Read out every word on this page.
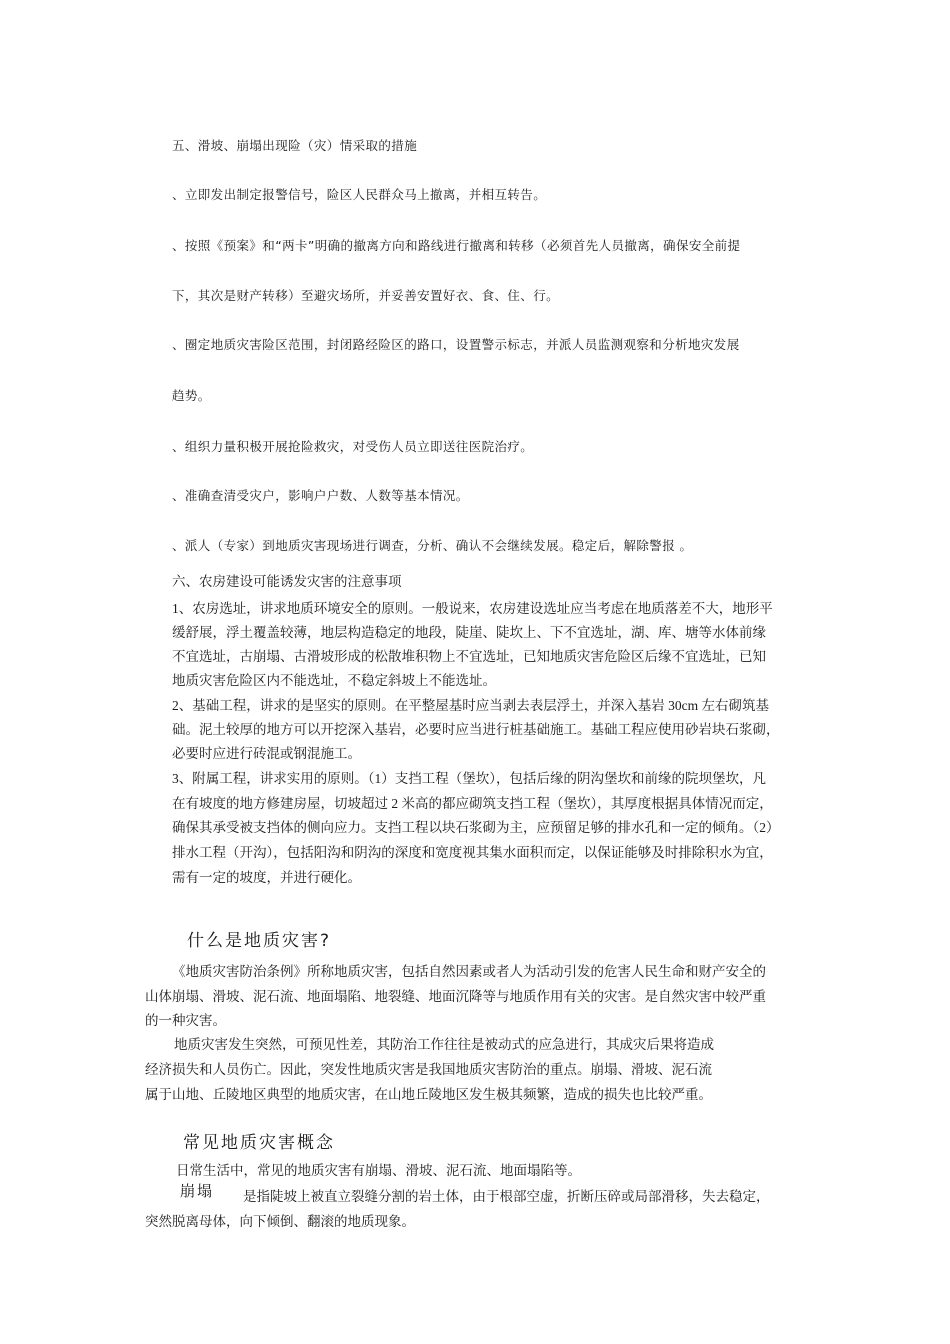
五、滑坡、崩塌出现险（灾）情采取的措施
、立即发出制定报警信号，险区人民群众马上撤离，并相互转告。
、按照《预案》和“两卡”明确的撤离方向和路线进行撤离和转移（必须首先人员撤离，确保安全前提
下，其次是财产转移）至避灾场所，并妥善安置好衣、食、住、行。
、圈定地质灾害险区范围，封闭路经险区的路口，设置警示标志，并派人员监测观察和分析地灾发展
趋势。
、组织力量积极开展抢险救灾，对受伤人员立即送往医院治疗。
、准确查清受灾户，影响户户数、人数等基本情况。
、派人（专家）到地质灾害现场进行调查，分析、确认不会继续发展。稳定后，解除警报 。
六、农房建设可能诱发灾害的注意事项
1、农房选址，讲求地质环境安全的原则。一般说来，农房建设选址应当考虑在地质落差不大，地形平
缓舒展，浮土覆盖较薄，地层构造稳定的地段，陡崖、陡坎上、下不宜选址，湖、库、塘等水体前缘
不宜选址，古崩塌、古滑坡形成的松散堆积物上不宜选址，已知地质灾害危险区后缘不宜选址，已知
地质灾害危险区内不能选址，不稳定斜坡上不能选址。
2、基础工程，讲求的是坚实的原则。在平整屋基时应当剥去表层浮土，并深入基岩 30cm 左右砌筑基
础。泥土较厚的地方可以开挖深入基岩，必要时应当进行桩基础施工。基础工程应使用砂岩块石浆砌，
必要时应进行砖混或钢混施工。
3、附属工程，讲求实用的原则。（1）支挡工程（堡坎），包括后缘的阴沟堡坎和前缘的院坝堡坎，凡
在有坡度的地方修建房屋，切坡超过 2 米高的都应砌筑支挡工程（堡坎），其厚度根据具体情况而定，
确保其承受被支挡体的侧向应力。支挡工程以块石浆砌为主，应预留足够的排水孔和一定的倾角。（2）
排水工程（开沟），包括阳沟和阴沟的深度和宽度视其集水面积而定，以保证能够及时排除积水为宜，
需有一定的坡度，并进行硬化。
什么是地质灾害?
《地质灾害防治条例》所称地质灾害，包括自然因素或者人为活动引发的危害人民生命和财产安全的
山体崩塌、滑坡、泥石流、地面塌陷、地裂缝、地面沉降等与地质作用有关的灾害。是自然灾害中较严重
的一种灾害。
地质灾害发生突然，可预见性差，其防治工作往往是被动式的应急进行，其成灾后果将造成
经济损失和人员伤亡。因此，突发性地质灾害是我国地质灾害防治的重点。崩塌、滑坡、泥石流
属于山地、丘陵地区典型的地质灾害，在山地丘陵地区发生极其频繁，造成的损失也比较严重。
常见地质灾害概念
日常生活中，常见的地质灾害有崩塌、滑坡、泥石流、地面塌陷等。
崩塌 是指陡坡上被直立裂缝分割的岩土体，由于根部空虚，折断压碎或局部滑移，失去稳定，
突然脱离母体，向下倾倒、翻滚的地质现象。
